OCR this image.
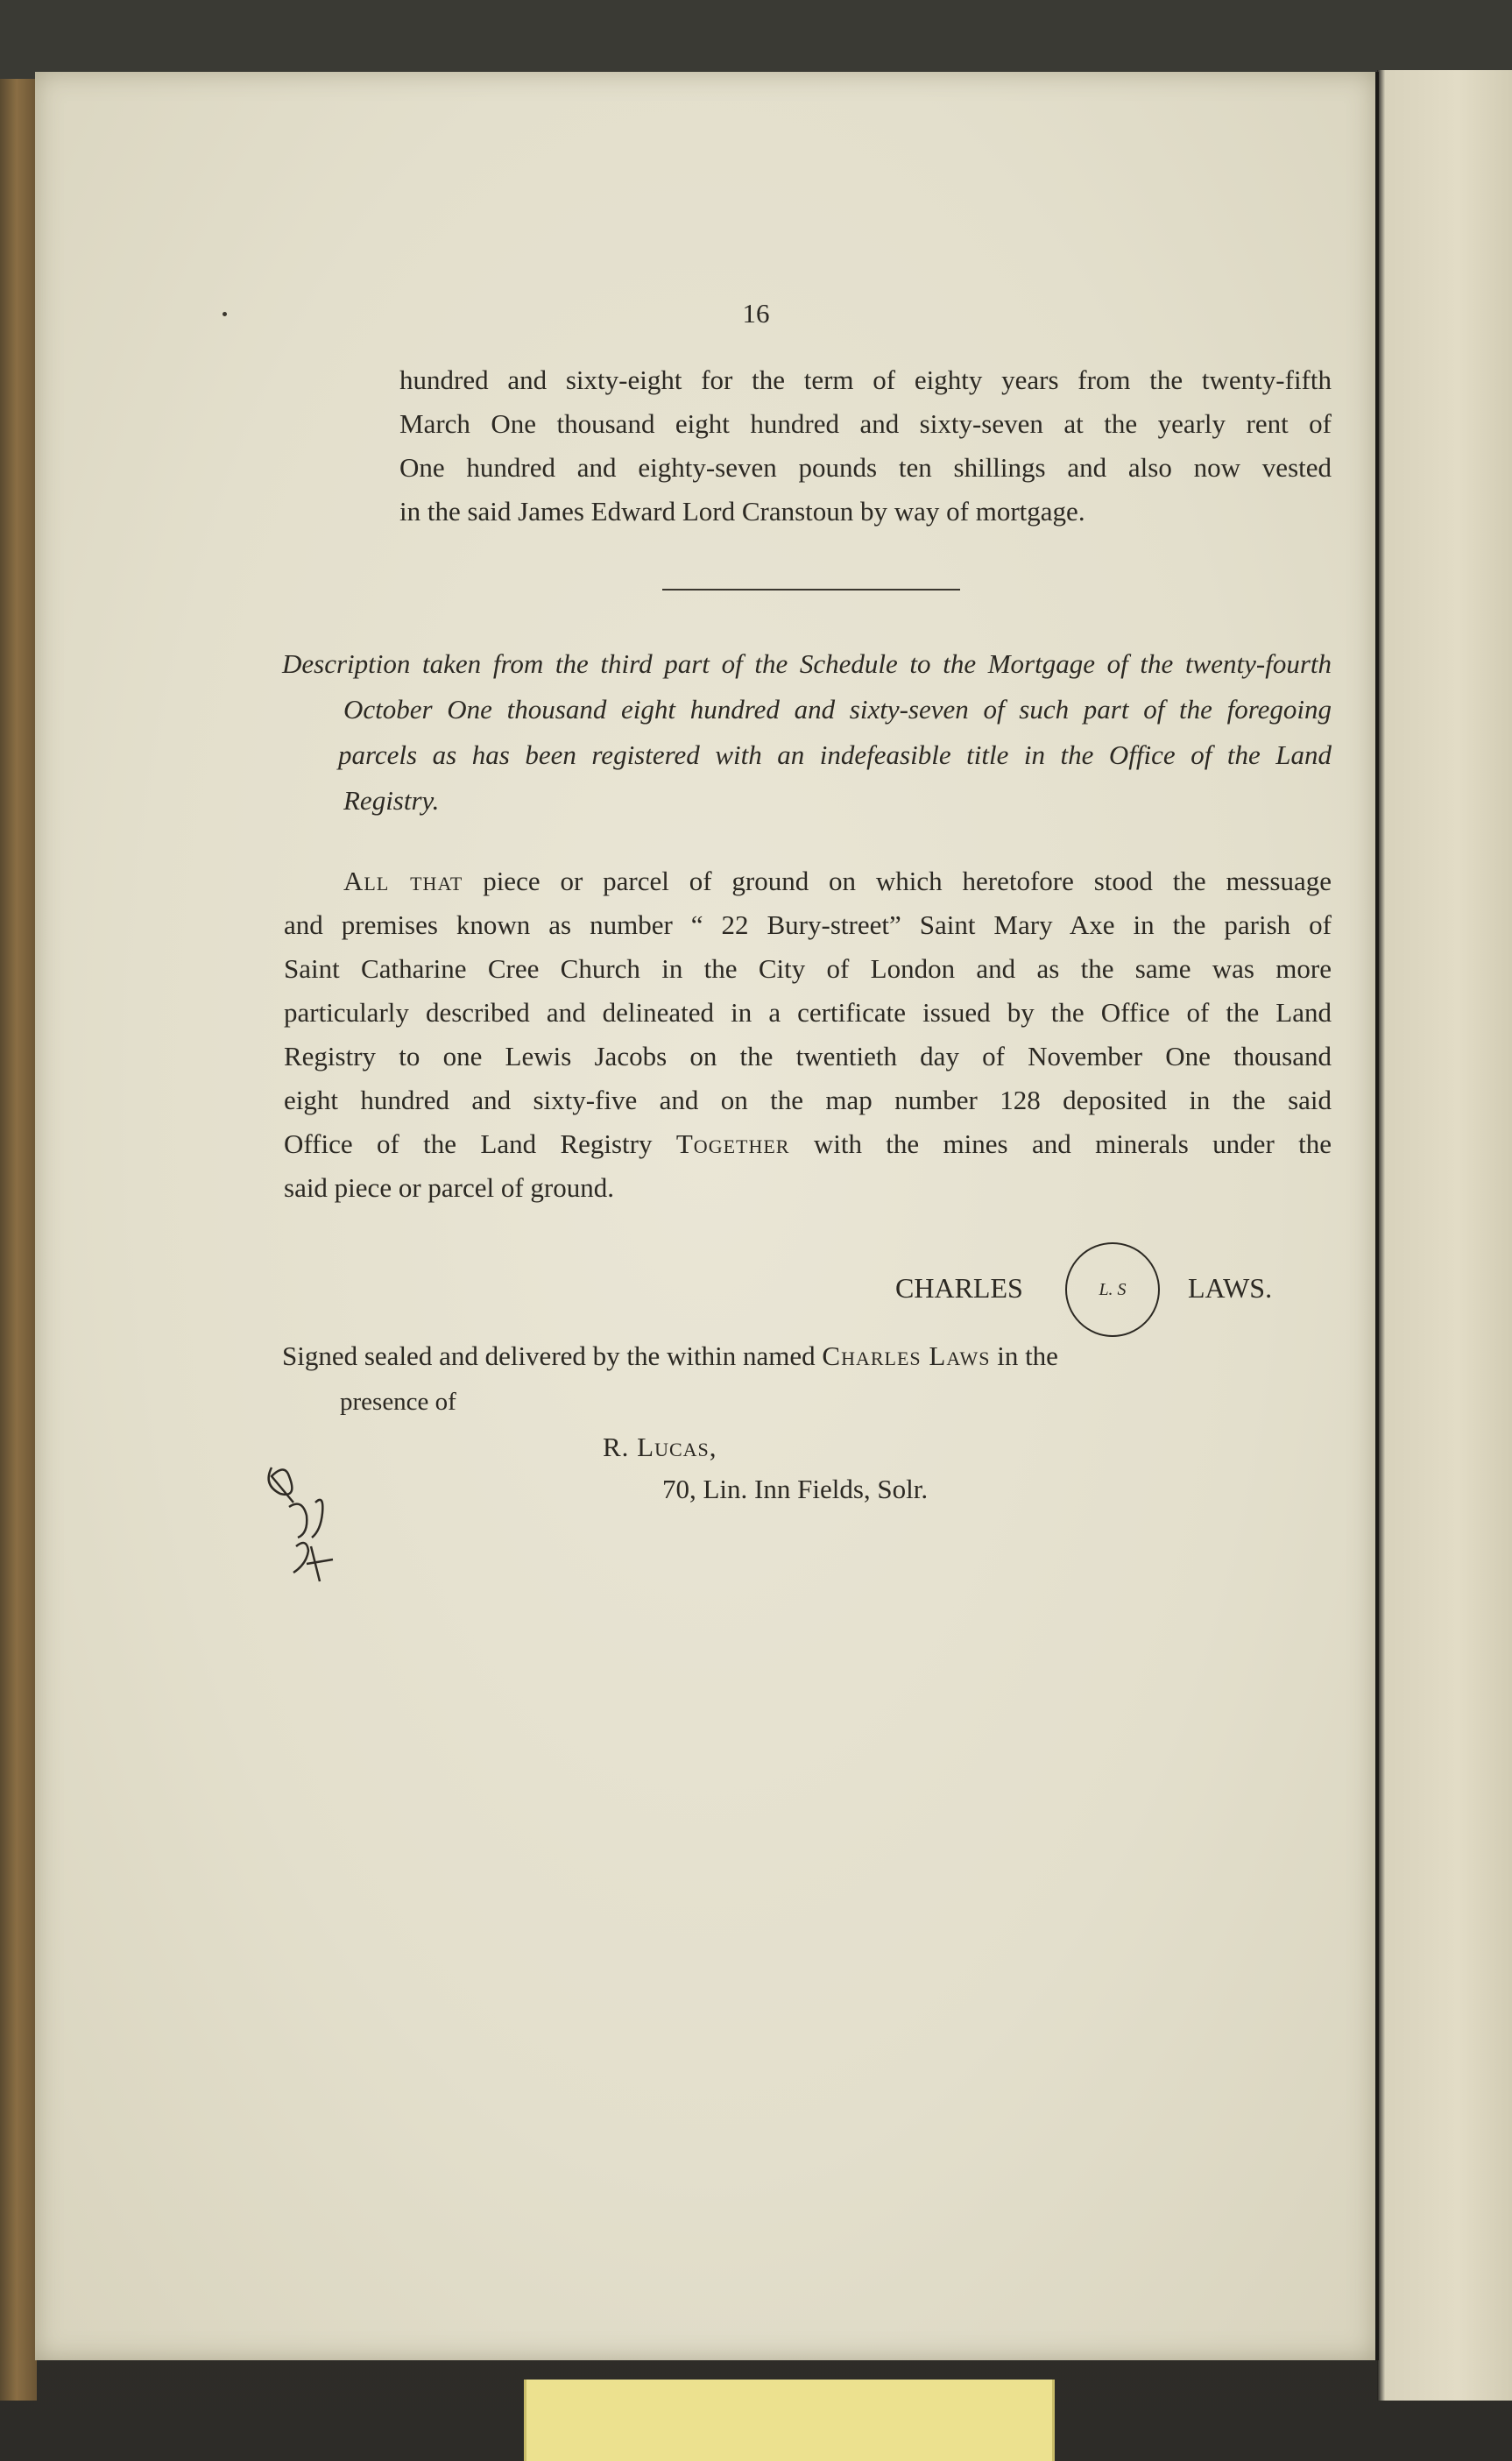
16
hundred and sixty-eight for the term of eighty years from the twenty-fifth
March One thousand eight hundred and sixty-seven at the yearly rent of
One hundred and eighty-seven pounds ten shillings and also now vested
in the said James Edward Lord Cranstoun by way of mortgage.
Description taken from the third part of the Schedule to the Mortgage of the twenty-fourth
October One thousand eight hundred and sixty-seven of such part of the foregoing
parcels as has been registered with an indefeasible title in the Office of the Land
Registry.
All that piece or parcel of ground on which heretofore stood the messuage
and premises known as number “ 22 Bury-street” Saint Mary Axe in the parish of
Saint Catharine Cree Church in the City of London and as the same was more
particularly described and delineated in a certificate issued by the Office of the Land
Registry to one Lewis Jacobs on the twentieth day of November One thousand
eight hundred and sixty-five and on the map number 128 deposited in the said
Office of the Land Registry Together with the mines and minerals under the
said piece or parcel of ground.
CHARLES	L. S LAWS.
Signed sealed and delivered by the within named Charles Laws in the
presence of
R. Lucas,
70, Lin. Inn Fields, Solr.
